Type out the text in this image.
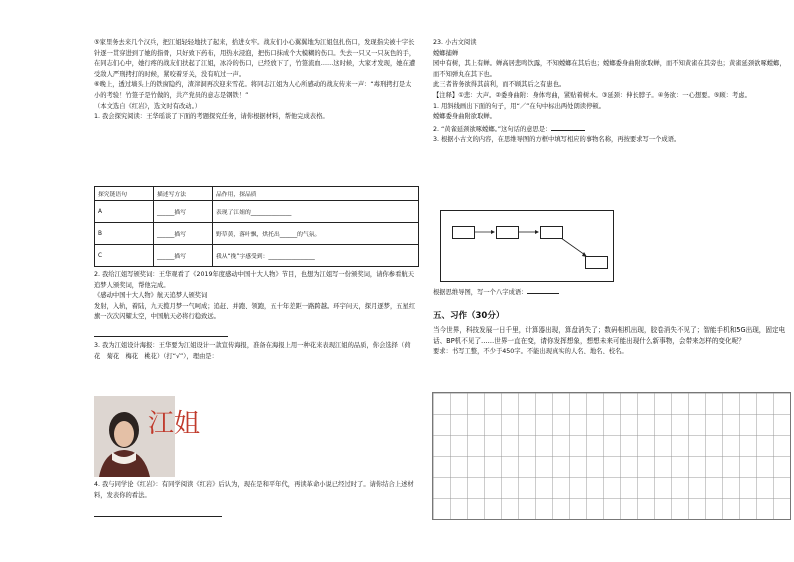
⑤家里务去来几个汉兵，把江姐轻轻地扶了起来，拾进女牢。战友们小心翼翼地为江姐包扎伤口，发现指尖被十字长针逐一贯穿进到了她的指骨，只好致下药布，用热水浸泡，把伤口抹成个大模糊的伤口。失去一只又一只灰色的手，在同志们心中，她行疼的战友们扶起了江姐，冰冷的伤口，已经放下了，竹签流血……这时候，大家才发现，她在遭受敌人严刑拷打的时候，紧咬着牙关，没有吭过一声。

⑥晚上，透过墙头上的铁窗隐约，渣滓洞再次迎来雪花。将同志江姐为人心所感动的战友传来一声：“毒刑拷打是太小的考验！竹签子是竹做的，共产党员的意志是钢铁！”

（本文选自《红岩》，选文时有改动。）

1. 我会探究阅读：王华瑶谈了下面的考题探究任务，请你根据材料，帮他完成表格。

探究链语句	描述写方法	品作用，探品质
A	______描写	表现了江姐的______________
B	______描写	野草黄，落叶飘，烘托出______的气氛。
C	______描写	我从“挽”字感受到：________________

2. 我给江姐写颁奖词：王华观看了《2019年度感动中国十大人物》节目，也想为江姐写一份颁奖词，请你参看航天追梦人颁奖词，帮他完成。

《感动中国十大人物》航天追梦人颁奖词

发射，入轨，着陆，九天揽月梦一气呵成；追赶、并跑、领跑，五十年差距一路跨越。环宇问天，探月逐梦，五星红旗一次次闪耀太空，中国航天必将行稳致远。

3. 我为江姐设计海报：王华要为江姐设计一款宣传海报，准备在海报上用一种花来表现江姐的品质，你会选择（荷花　菊花　梅花　桃花）（打“√”），理由是：

江姐

4. 我与同学论《红岩》：有同学阅读《红岩》后认为，现在是和平年代，再读革命小说已经过时了。请你结合上述材料，发表你的看法。

23. 小古文阅读

螳螂捕蝉

园中有树，其上有蝉。蝉高居悲鸣饮露，不知螳螂在其后也；螳螂委身曲附欲取蝉，而不知黄雀在其旁也；黄雀延颈欲啄螳螂，而不知弹丸在其下也。

此三者皆务欲得其前利，而不顾其后之有患也。

【注释】①悲：大声。②委身曲附：身体弯曲，紧贴着树木。③延颈：伸长脖子。④务欲：一心想要。⑤顾：考虑。

1. 用斜线画出下面的句子，用“／”在句中标出两处朗读停顿。

螳螂委身曲附欲取蝉。

2. “黄雀延颈欲啄螳螂。”这句话的意思是：

3. 根据小古文的内容，在思维导图的方框中填写相应的事物名称，再按要求写一个成语。

根据思维导图，写一个八字成语：

五、习作（30分）

当今世界，科技发展一日千里，计算器出现，算盘消失了；数码相机出现，胶卷消失不见了；智能手机和5G出现，固定电话、BP机不见了……世界一直在变，请你发挥想象，想想未来可能出现什么新事物，会带来怎样的变化呢？

要求：书写工整，不少于450字。不能出现真实的人名、地名、校名。
